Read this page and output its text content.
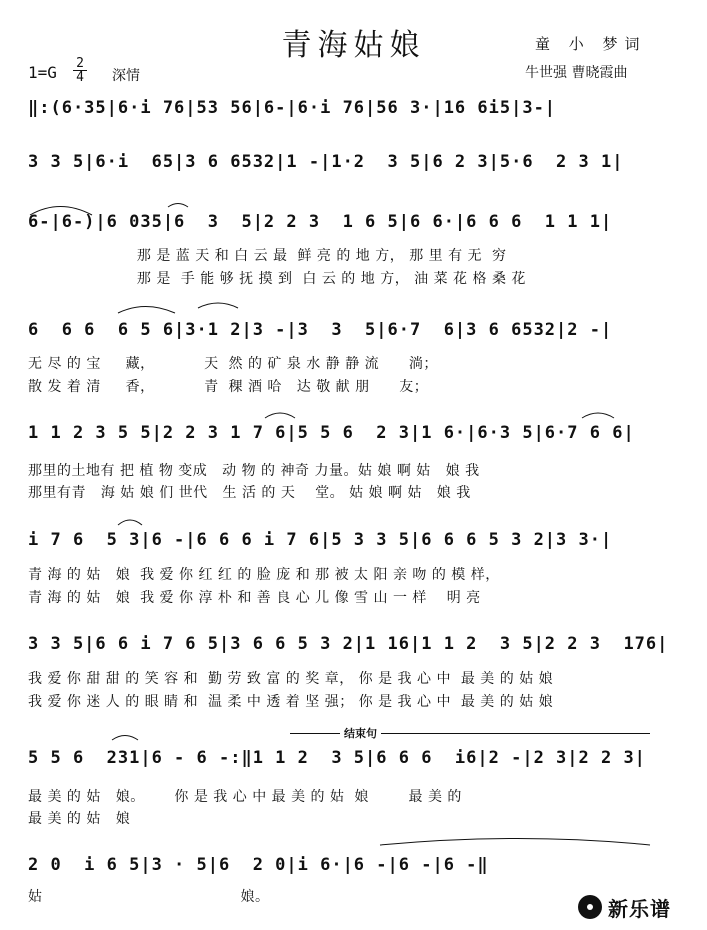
青海姑娘	童 小 梦词
牛世强 曹晓霞曲
$1=G \frac{2}{4}$ 深情
‖:(6·35|6·i 76|53 56|6-|6·i 76|56 3·|16 6i5|3-|
3 3 5|6·i  65|3 6 6532|1 -|1·2  3 5|6 2 3|5·6  2 3 1|
6-|6-)|6 035|6  3  5|2 2 3  1 6 5|6 6·|6 6 6  1 1 1|
那 是 蓝 天 和 白 云 最  鲜 亮 的 地 方， 那 里 有 无  穷
那 是  手 能 够 抚 摸 到  白 云 的 地 方， 油 菜 花 格 桑 花
6  6 6  6 5 6|3·1 2|3 -|3  3  5|6·7  6|3 6 6532|2 -|
无 尽 的 宝     藏，          天  然 的 矿 泉 水 静 静 流      淌；
散 发 着 清     香，          青  稞 酒 哈   达 敬 献 朋      友；
1 1 2 3 5 5|2 2 3 1 7 6|5 5 6  2 3|1 6·|6·3 5|6·7 6 6|
那里的土地有 把 植 物 变成   动 物 的 神奇 力量。姑 娘 啊 姑   娘 我
那里有青   海 姑 娘 们 世代   生 活 的 天    堂。 姑 娘 啊 姑   娘 我
i 7 6  5 3|6 -|6 6 6 i 7 6|5 3 3 5|6 6 6 5 3 2|3 3·|
青 海 的 姑   娘  我 爱 你 红 红 的 脸 庞 和 那 被 太 阳 亲 吻 的 模 样，
青 海 的 姑   娘  我 爱 你 淳 朴 和 善 良 心 儿 像 雪 山 一 样    明 亮
3 3 5|6 6 i 7 6 5|3 6 6 5 3 2|1 16|1 1 2  3 5|2 2 3  176|
我 爱 你 甜 甜 的 笑 容 和  勤 劳 致 富 的 奖 章， 你 是 我 心 中  最 美 的 姑 娘
我 爱 你 迷 人 的 眼 睛 和  温 柔 中 透 着 坚 强； 你 是 我 心 中  最 美 的 姑 娘
结束句
5 5 6  231|6 - 6 -:‖1 1 2  3 5|6 6 6  i6|2 -|2 3|2 2 3|
最 美 的 姑   娘。      你 是 我 心 中 最 美 的 姑  娘        最 美 的
最 美 的 姑   娘
2 0  i 6 5|3 · 5|6  2 0|i 6·|6 -|6 -|6 -‖
姑                                        娘。	新乐谱
